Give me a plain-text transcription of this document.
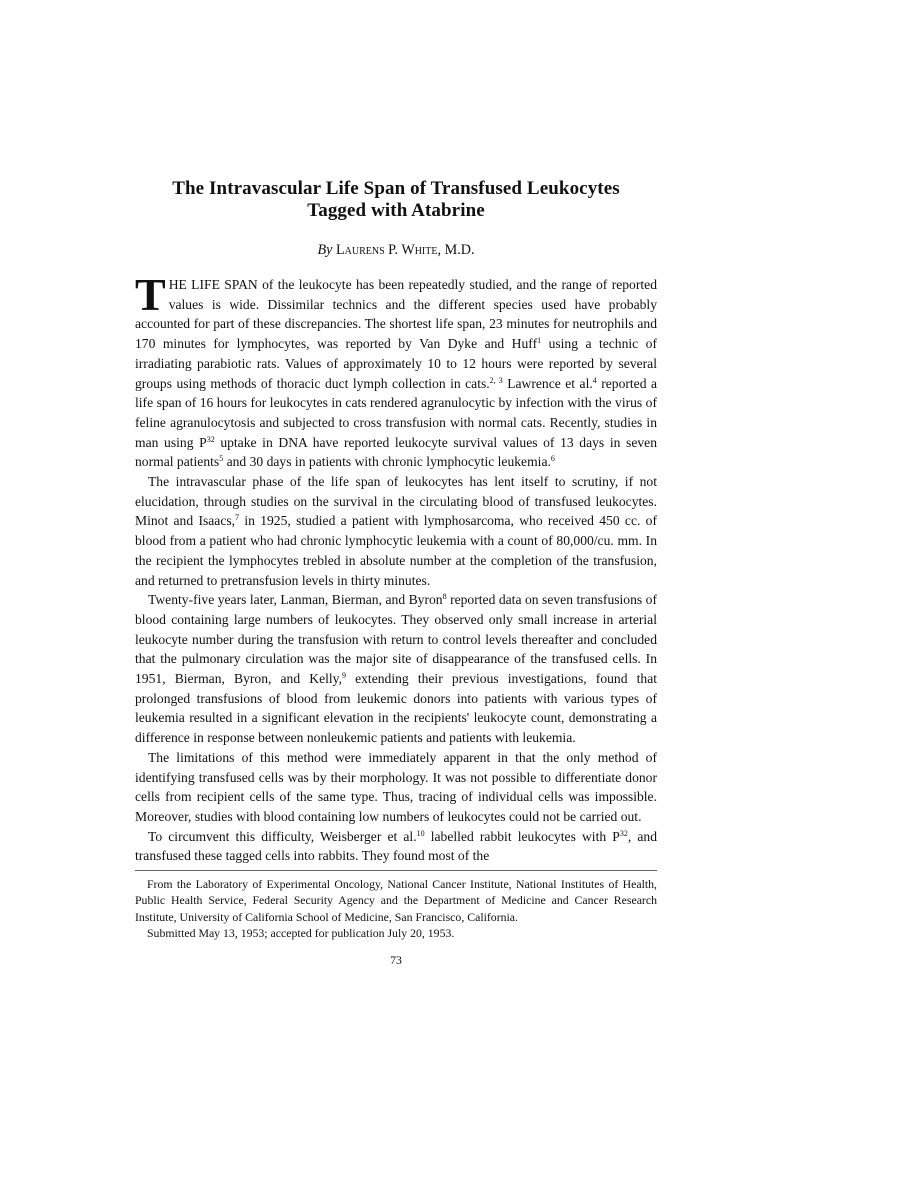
The Intravascular Life Span of Transfused Leukocytes
Tagged with Atabrine
By Laurens P. White, M.D.

THE LIFE SPAN of the leukocyte has been repeatedly studied, and the range of reported values is wide. Dissimilar technics and the different species used have probably accounted for part of these discrepancies. The shortest life span, 23 minutes for neutrophils and 170 minutes for lymphocytes, was reported by Van Dyke and Huff$^1$ using a technic of irradiating parabiotic rats. Values of approximately 10 to 12 hours were reported by several groups using methods of thoracic duct lymph collection in cats.$^{2, 3}$ Lawrence et al.$^4$ reported a life span of 16 hours for leukocytes in cats rendered agranulocytic by infection with the virus of feline agranulocytosis and subjected to cross transfusion with normal cats. Recently, studies in man using $P^{32}$ uptake in DNA have reported leukocyte survival values of 13 days in seven normal patients$^5$ and 30 days in patients with chronic lymphocytic leukemia.$^6$

The intravascular phase of the life span of leukocytes has lent itself to scrutiny, if not elucidation, through studies on the survival in the circulating blood of transfused leukocytes. Minot and Isaacs,$^7$ in 1925, studied a patient with lymphosarcoma, who received 450 cc. of blood from a patient who had chronic lymphocytic leukemia with a count of 80,000/cu. mm. In the recipient the lymphocytes trebled in absolute number at the completion of the transfusion, and returned to pretransfusion levels in thirty minutes.

Twenty-five years later, Lanman, Bierman, and Byron$^8$ reported data on seven transfusions of blood containing large numbers of leukocytes. They observed only small increase in arterial leukocyte number during the transfusion with return to control levels thereafter and concluded that the pulmonary circulation was the major site of disappearance of the transfused cells. In 1951, Bierman, Byron, and Kelly,$^9$ extending their previous investigations, found that prolonged transfusions of blood from leukemic donors into patients with various types of leukemia resulted in a significant elevation in the recipients' leukocyte count, demonstrating a difference in response between nonleukemic patients and patients with leukemia.

The limitations of this method were immediately apparent in that the only method of identifying transfused cells was by their morphology. It was not possible to differentiate donor cells from recipient cells of the same type. Thus, tracing of individual cells was impossible. Moreover, studies with blood containing low numbers of leukocytes could not be carried out.

To circumvent this difficulty, Weisberger et al.$^{10}$ labelled rabbit leukocytes with $P^{32}$, and transfused these tagged cells into rabbits. They found most of the

From the Laboratory of Experimental Oncology, National Cancer Institute, National Institutes of Health, Public Health Service, Federal Security Agency and the Department of Medicine and Cancer Research Institute, University of California School of Medicine, San Francisco, California.

Submitted May 13, 1953; accepted for publication July 20, 1953.

73
